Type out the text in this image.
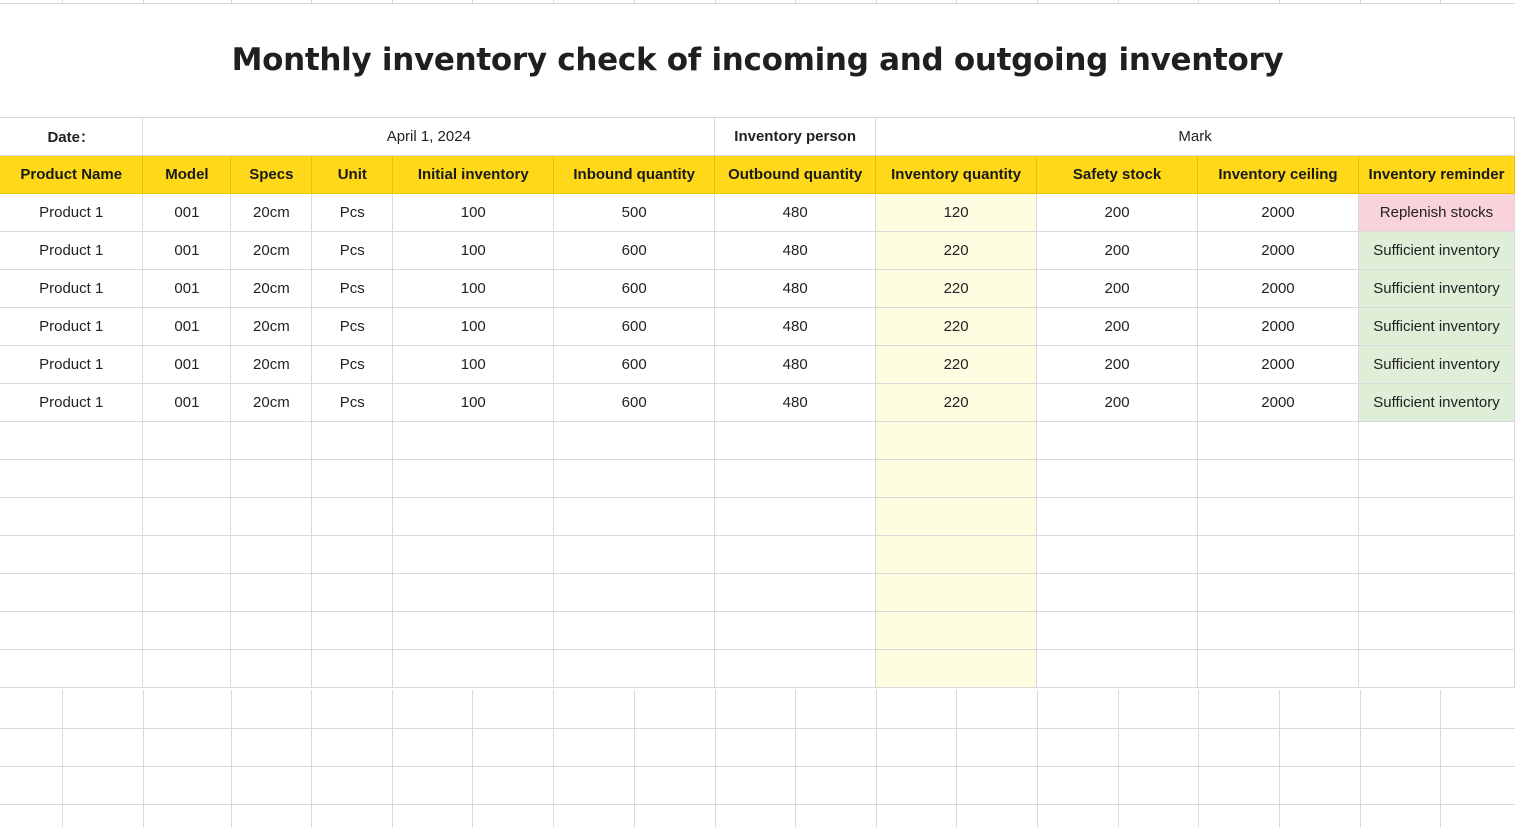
Monthly inventory check of incoming and outgoing inventory
Date：	April 1, 2024					Inventory person	Mark			
Product Name	Model	Specs	Unit	Initial inventory	Inbound quantity	Outbound quantity	Inventory quantity	Safety stock	Inventory ceiling	Inventory reminder
Product 1	001	20cm	Pcs	100	500	480	120	200	2000	Replenish stocks
Product 1	001	20cm	Pcs	100	600	480	220	200	2000	Sufficient inventory
Product 1	001	20cm	Pcs	100	600	480	220	200	2000	Sufficient inventory
Product 1	001	20cm	Pcs	100	600	480	220	200	2000	Sufficient inventory
Product 1	001	20cm	Pcs	100	600	480	220	200	2000	Sufficient inventory
Product 1	001	20cm	Pcs	100	600	480	220	200	2000	Sufficient inventory
